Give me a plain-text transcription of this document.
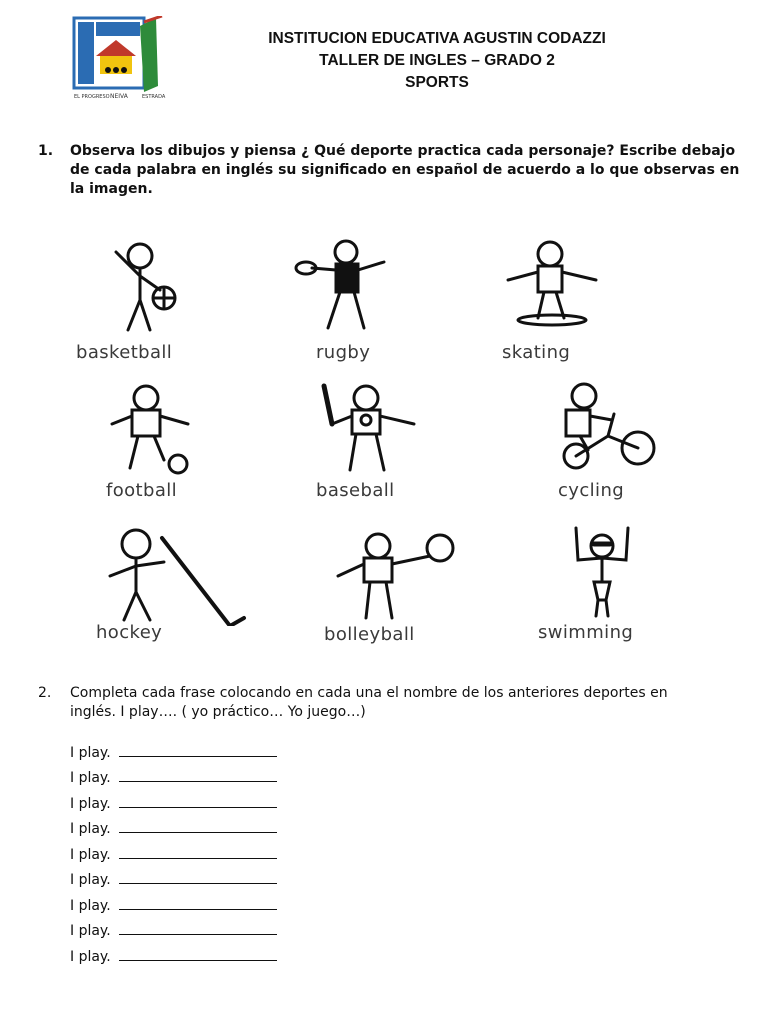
EL PROGRESO NEIVA	ESTRADA
INSTITUCION EDUCATIVA AGUSTIN CODAZZI
TALLER DE INGLES – GRADO 2
SPORTS
1. Observa los dibujos y piensa ¿ Qué deporte practica cada personaje? Escribe debajo de cada palabra en inglés su significado en español de acuerdo a lo que observas en la imagen.
basketball	rugby	skating
football	baseball	cycling
hockey	bolleyball	swimming
2. Completa cada frase colocando en cada una el nombre de los anteriores deportes en inglés. I play…. ( yo práctico… Yo juego…)
I play.
I play.
I play.
I play.
I play.
I play.
I play.
I play.
I play.
